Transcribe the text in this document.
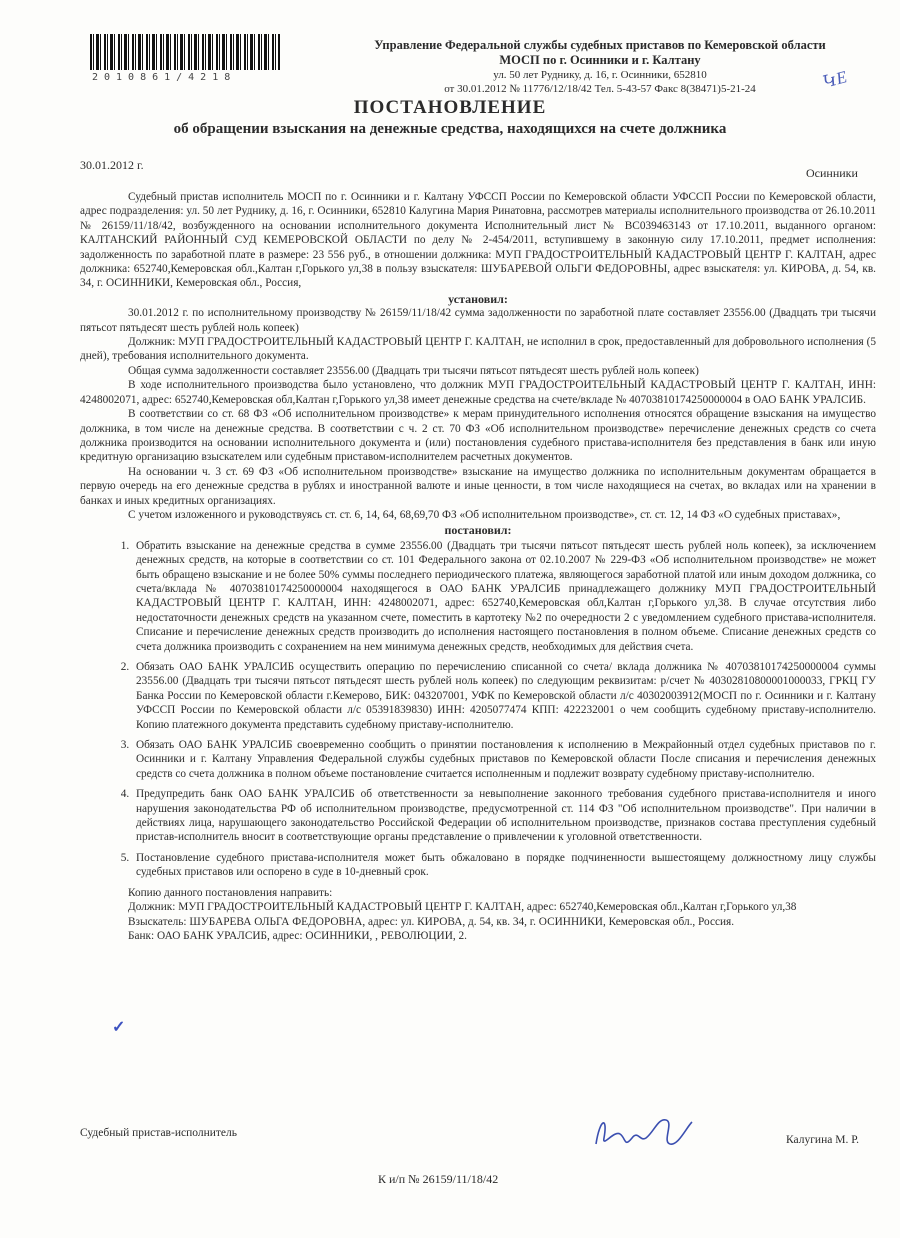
2010861/4218
Управление Федеральной службы судебных приставов по Кемеровской области
МОСП по г. Осинники и г. Калтану
ул. 50 лет Руднику, д. 16, г. Осинники, 652810
от 30.01.2012 № 11776/12/18/42 Тел. 5-43-57 Факс 8(38471)5-21-24	ԿЕ
ПОСТАНОВЛЕНИЕ
об обращении взыскания на денежные средства, находящихся на счете должника
30.01.2012 г.
Осинники

Судебный пристав исполнитель МОСП по г. Осинники и г. Калтану УФССП России по Кемеровской области УФССП России по Кемеровской области, адрес подразделения: ул. 50 лет Руднику, д. 16, г. Осинники, 652810 Калугина Мария Ринатовна, рассмотрев материалы исполнительного производства от 26.10.2011 № 26159/11/18/42, возбужденного на основании исполнительного документа Исполнительный лист № ВС039463143 от 17.10.2011, выданного органом: КАЛТАНСКИЙ РАЙОННЫЙ СУД КЕМЕРОВСКОЙ ОБЛАСТИ по делу № 2-454/2011, вступившему в законную силу 17.10.2011, предмет исполнения: задолженность по заработной плате в размере: 23 556 руб., в отношении должника: МУП ГРАДОСТРОИТЕЛЬНЫЙ КАДАСТРОВЫЙ ЦЕНТР Г. КАЛТАН, адрес должника: 652740,Кемеровская обл.,Калтан г,Горького ул,38 в пользу взыскателя: ШУБАРЕВОЙ ОЛЬГИ ФЕДОРОВНЫ, адрес взыскателя: ул. КИРОВА, д. 54, кв. 34, г. ОСИННИКИ, Кемеровская обл., Россия,

установил:

30.01.2012 г. по исполнительному производству № 26159/11/18/42 сумма задолженности по заработной плате составляет 23556.00 (Двадцать три тысячи пятьсот пятьдесят шесть рублей ноль копеек)

Должник: МУП ГРАДОСТРОИТЕЛЬНЫЙ КАДАСТРОВЫЙ ЦЕНТР Г. КАЛТАН, не исполнил в срок, предоставленный для добровольного исполнения (5 дней), требования исполнительного документа.

Общая сумма задолженности составляет 23556.00 (Двадцать три тысячи пятьсот пятьдесят шесть рублей ноль копеек)

В ходе исполнительного производства было установлено, что должник МУП ГРАДОСТРОИТЕЛЬНЫЙ КАДАСТРОВЫЙ ЦЕНТР Г. КАЛТАН, ИНН: 4248002071, адрес: 652740,Кемеровская обл,Калтан г,Горького ул,38 имеет денежные средства на счете/вкладе № 40703810174250000004 в ОАО БАНК УРАЛСИБ.

В соответствии со ст. 68 ФЗ «Об исполнительном производстве» к мерам принудительного исполнения относятся обращение взыскания на имущество должника, в том числе на денежные средства. В соответствии с ч. 2 ст. 70 ФЗ «Об исполнительном производстве» перечисление денежных средств со счета должника производится на основании исполнительного документа и (или) постановления судебного пристава-исполнителя без представления в банк или иную кредитную организацию взыскателем или судебным приставом-исполнителем расчетных документов.

На основании ч. 3 ст. 69 ФЗ «Об исполнительном производстве» взыскание на имущество должника по исполнительным документам обращается в первую очередь на его денежные средства в рублях и иностранной валюте и иные ценности, в том числе находящиеся на счетах, во вкладах или на хранении в банках и иных кредитных организациях.

С учетом изложенного и руководствуясь ст. ст. 6, 14, 64, 68,69,70 ФЗ «Об исполнительном производстве», ст. ст. 12, 14 ФЗ «О судебных приставах»,

постановил:
1. Обратить взыскание на денежные средства в сумме 23556.00 (Двадцать три тысячи пятьсот пятьдесят шесть рублей ноль копеек), за исключением денежных средств, на которые в соответствии со ст. 101 Федерального закона от 02.10.2007 № 229-ФЗ «Об исполнительном производстве» не может быть обращено взыскание и не более 50% суммы последнего периодического платежа, являющегося заработной платой или иным доходом должника, со счета/вклада № 40703810174250000004 находящегося в ОАО БАНК УРАЛСИБ принадлежащего должнику МУП ГРАДОСТРОИТЕЛЬНЫЙ КАДАСТРОВЫЙ ЦЕНТР Г. КАЛТАН, ИНН: 4248002071, адрес: 652740,Кемеровская обл,Калтан г,Горького ул,38. В случае отсутствия либо недостаточности денежных средств на указанном счете, поместить в картотеку №2 по очередности 2 с уведомлением судебного пристава-исполнителя. Списание и перечисление денежных средств производить до исполнения настоящего постановления в полном объеме. Списание денежных средств со счета должника производить с сохранением на нем минимума денежных средств, необходимых для действия счета.
2. Обязать ОАО БАНК УРАЛСИБ осуществить операцию по перечислению списанной со счета/ вклада должника № 40703810174250000004 суммы 23556.00 (Двадцать три тысячи пятьсот пятьдесят шесть рублей ноль копеек) по следующим реквизитам: р/счет № 40302810800001000033, ГРКЦ ГУ Банка России по Кемеровской области г.Кемерово, БИК: 043207001, УФК по Кемеровской области л/с 40302003912(МОСП по г. Осинники и г. Калтану УФССП России по Кемеровской области л/с 05391839830) ИНН: 4205077474 КПП: 422232001 о чем сообщить судебному приставу-исполнителю. Копию платежного документа представить судебному приставу-исполнителю.
3. Обязать ОАО БАНК УРАЛСИБ своевременно сообщить о принятии постановления к исполнению в Межрайонный отдел судебных приставов по г. Осинники и г. Калтану Управления Федеральной службы судебных приставов по Кемеровской области После списания и перечисления денежных средств со счета должника в полном объеме постановление считается исполненным и подлежит возврату судебному приставу-исполнителю.
4. Предупредить банк ОАО БАНК УРАЛСИБ об ответственности за невыполнение законного требования судебного пристава-исполнителя и иного нарушения законодательства РФ об исполнительном производстве, предусмотренной ст. 114 ФЗ "Об исполнительном производстве". При наличии в действиях лица, нарушающего законодательство Российской Федерации об исполнительном производстве, признаков состава преступления судебный пристав-исполнитель вносит в соответствующие органы представление о привлечении к уголовной ответственности.
5. Постановление судебного пристава-исполнителя может быть обжаловано в порядке подчиненности вышестоящему должностному лицу службы судебных приставов или оспорено в суде в 10-дневный срок.

Копию данного постановления направить:

Должник: МУП ГРАДОСТРОИТЕЛЬНЫЙ КАДАСТРОВЫЙ ЦЕНТР Г. КАЛТАН, адрес: 652740,Кемеровская обл.,Калтан г,Горького ул,38

Взыскатель: ШУБАРЕВА ОЛЬГА ФЕДОРОВНА, адрес: ул. КИРОВА, д. 54, кв. 34, г. ОСИННИКИ, Кемеровская обл., Россия.

Банк: ОАО БАНК УРАЛСИБ, адрес: ОСИННИКИ, , РЕВОЛЮЦИИ, 2.

✓
Судебный пристав-исполнитель
Калугина М. Р.
К и/п № 26159/11/18/42
